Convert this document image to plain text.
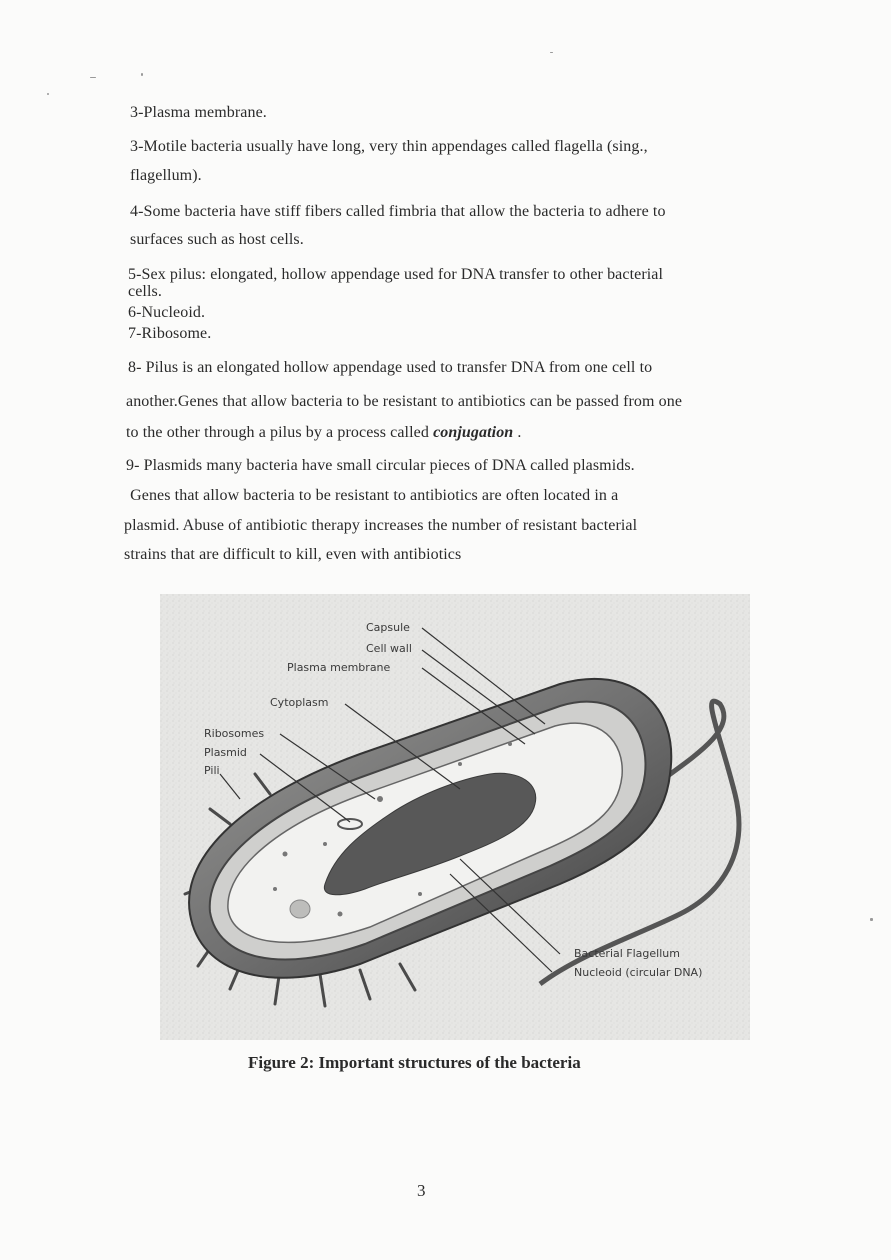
3-Plasma membrane.
3-Motile bacteria usually have long, very thin appendages called flagella (sing.,
flagellum).
4-Some bacteria have stiff fibers called fimbria that allow the bacteria to adhere to
surfaces such as host cells.
5-Sex pilus: elongated, hollow appendage used for DNA transfer to other bacterial
cells.
6-Nucleoid.
7-Ribosome.
8- Pilus is an elongated hollow appendage used to transfer DNA from one cell to
another.Genes that allow bacteria to be resistant to antibiotics can be passed from one
to the other through a pilus by a process called conjugation .
9- Plasmids many bacteria have small circular pieces of DNA called plasmids.
Genes that allow bacteria to be resistant to antibiotics are often located in a
plasmid. Abuse of antibiotic therapy increases the number of resistant bacterial
strains that are difficult to kill, even with antibiotics
Capsule
Cell wall
Plasma membrane
Cytoplasm
Ribosomes
Plasmid
Pili
Bacterial Flagellum
Nucleoid (circular DNA)
Figure 2: Important structures of the bacteria
3
